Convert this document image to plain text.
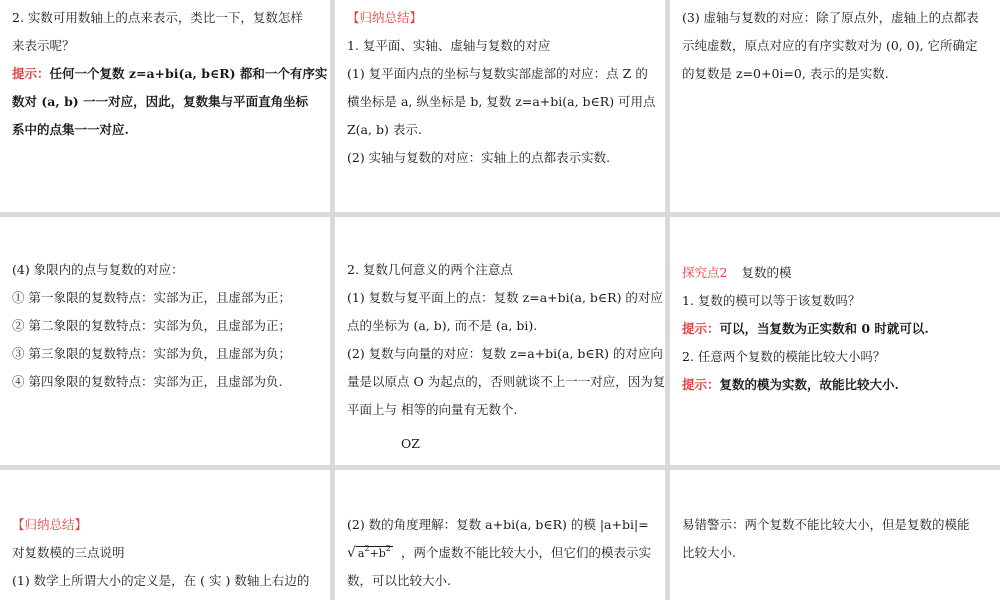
2. 实数可用数轴上的点来表示，类比一下，复数怎样
来表示呢？
提示：任何一个复数 z=a+bi(a, b∈R) 都和一个有序实
数对 (a, b) 一一对应，因此，复数集与平面直角坐标
系中的点集一一对应.
【归纳总结】
1. 复平面、实轴、虚轴与复数的对应
(1) 复平面内点的坐标与复数实部虚部的对应：点 Z 的
横坐标是 a, 纵坐标是 b, 复数 z=a+bi(a, b∈R) 可用点
Z(a, b) 表示.
(2) 实轴与复数的对应：实轴上的点都表示实数.
(3) 虚轴与复数的对应：除了原点外，虚轴上的点都表
示纯虚数，原点对应的有序实数对为 (0, 0), 它所确定
的复数是 z=0+0i=0, 表示的是实数.
(4) 象限内的点与复数的对应：
① 第一象限的复数特点：实部为正，且虚部为正；
② 第二象限的复数特点：实部为负，且虚部为正；
③ 第三象限的复数特点：实部为负，且虚部为负；
④ 第四象限的复数特点：实部为正，且虚部为负.
2. 复数几何意义的两个注意点
(1) 复数与复平面上的点：复数 z=a+bi(a, b∈R) 的对应
点的坐标为 (a, b), 而不是 (a, bi).
(2) 复数与向量的对应：复数 z=a+bi(a, b∈R) 的对应向
量是以原点 O 为起点的，否则就谈不上一一对应，因为复
平面上与 相等的向量有无数个.
OZ
探究点2 复数的模
1. 复数的模可以等于该复数吗？
提示：可以，当复数为正实数和 0 时就可以.
2. 任意两个复数的模能比较大小吗？
提示：复数的模为实数，故能比较大小.
【归纳总结】
对复数模的三点说明
(1) 数学上所谓大小的定义是，在 ( 实 ) 数轴上右边的
(2) 数的角度理解：复数 a+bi(a, b∈R) 的模 |a+bi|=
√ $a^2+b^2$ ，两个虚数不能比较大小，但它们的模表示实
数，可以比较大小.
易错警示：两个复数不能比较大小，但是复数的模能
比较大小.
